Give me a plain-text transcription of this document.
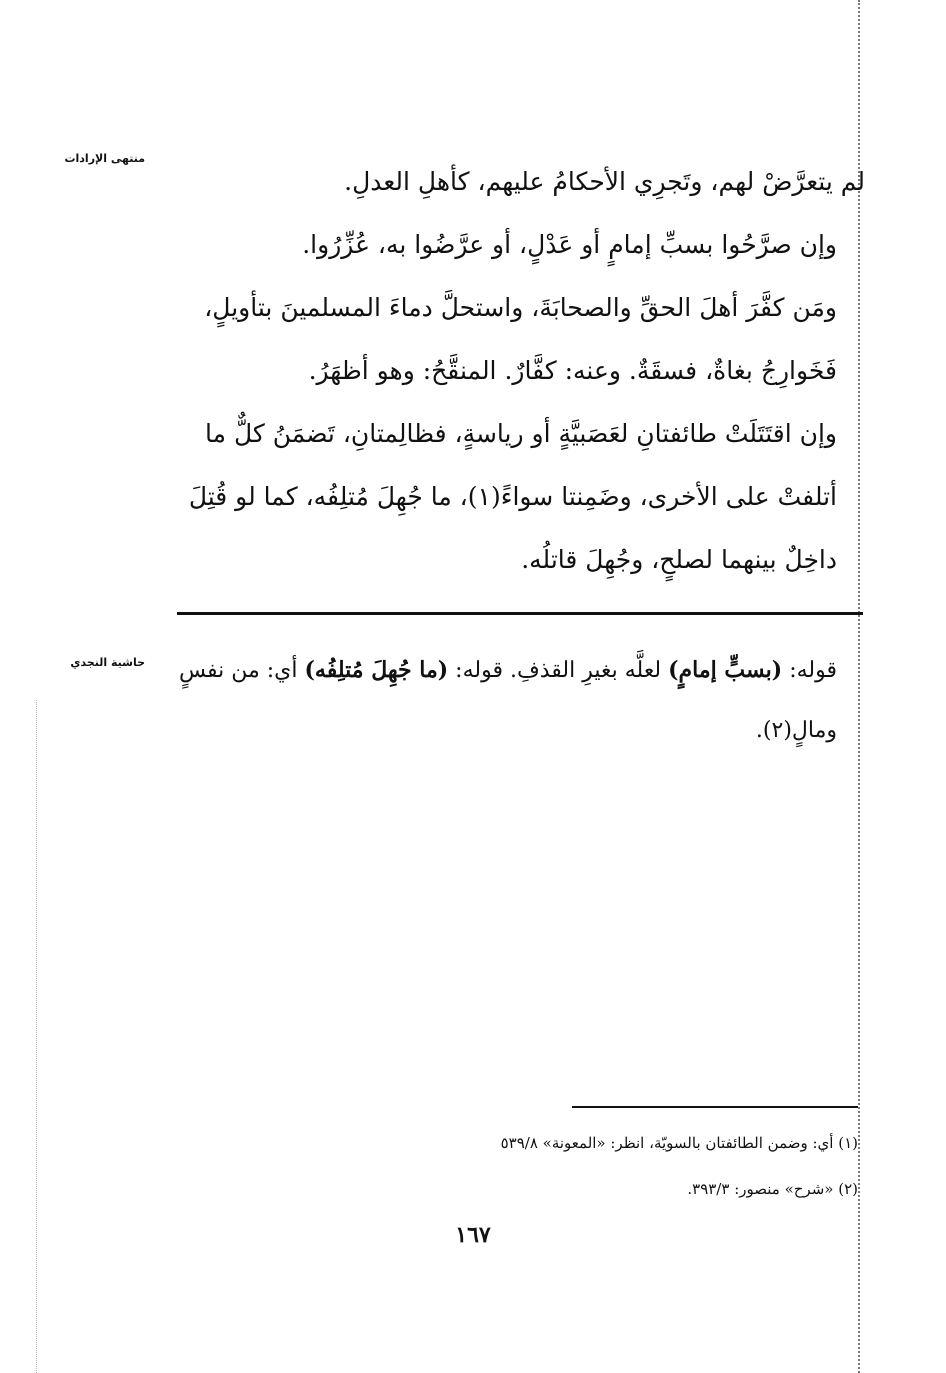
منتهى الإرادات
حاشية النجدي

لم يتعرَّضْ لهم، وتَجرِي الأحكامُ عليهم، كأهلِ العدلِ.

وإن صرَّحُوا بسبِّ إمامٍ أو عَدْلٍ، أو عرَّضُوا به، عُزِّرُوا.

ومَن كفَّرَ أهلَ الحقِّ والصحابَةَ، واستحلَّ دماءَ المسلمينَ بتأويلٍ، فَخَوارِجُ بغاةٌ، فسقَةٌ. وعنه: كفَّارٌ. المنقَّحُ: وهو أظهَرُ.

وإن اقتَتَلَتْ طائفتانِ لعَصَبيَّةٍ أو رياسةٍ، فظالِمتانِ، تَضمَنُ كلٌّ ما أتلفتْ على الأخرى، وضَمِنتا سواءً(١)، ما جُهِلَ مُتلِفُه، كما لو قُتِلَ داخِلٌ بينهما لصلحٍ، وجُهِلَ قاتلُه.

قوله: (بسبٍّ إمامٍ) لعلَّه بغيرِ القذفِ. قوله: (ما جُهِلَ مُتلِفُه) أي: من نفسٍ ومالٍ(٢).

(١) أي: وضمن الطائفتان بالسويّة، انظر: «المعونة» ٥٣٩/٨

(٢) «شرح» منصور: ٣٩٣/٣.

١٦٧
